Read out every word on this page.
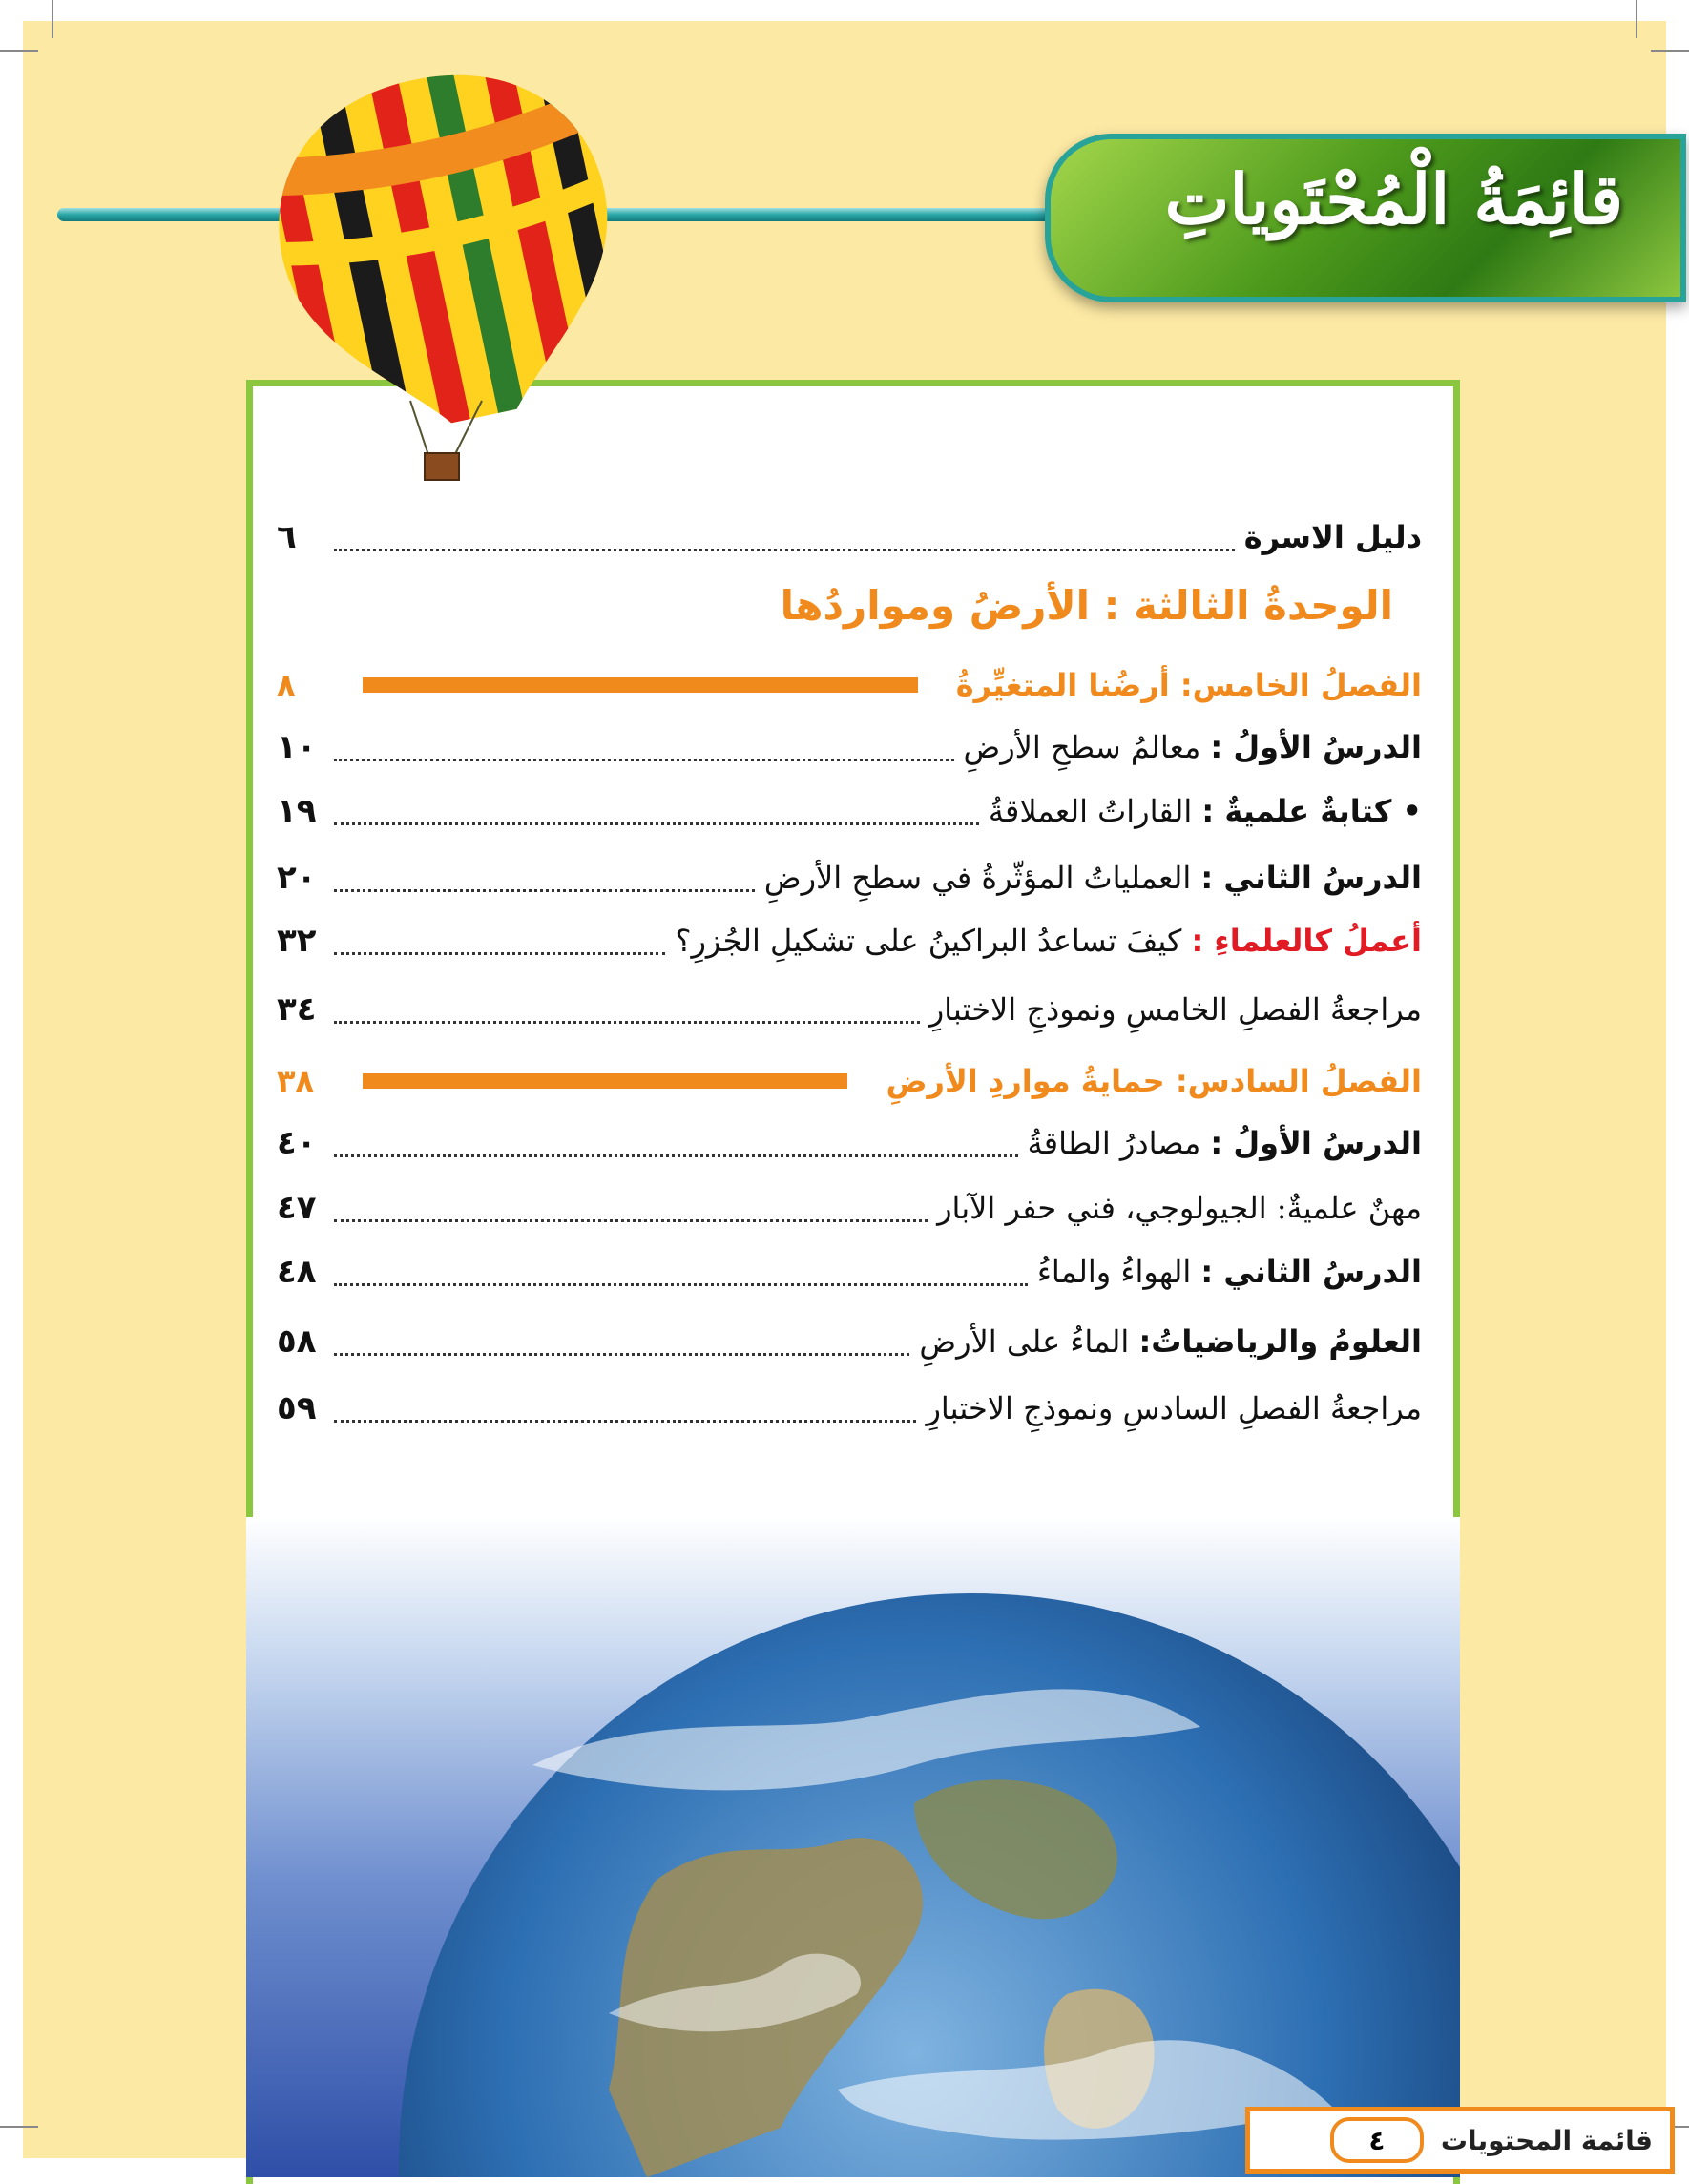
قائِمَةُ الْمُحْتَوياتِ
دليل الاسرة
٦
الوحدةُ الثالثة : الأرضُ ومواردُها
الفصلُ الخامس: أرضُنا المتغيِّرةُ
٨
الدرسُ الأولُ : معالمُ سطحِ الأرضِ
١٠
• كتابةٌ علميةٌ : القاراتُ العملاقةُ
١٩
الدرسُ الثاني : العملياتُ المؤثّرةُ في سطحِ الأرضِ
٢٠
أعملُ كالعلماءِ : كيفَ تساعدُ البراكينُ على تشكيلِ الجُزرِ؟
٣٢
مراجعةُ الفصلِ الخامسِ ونموذجِ الاختبارِ
٣٤
الفصلُ السادس: حمايةُ مواردِ الأرضِ
٣٨
الدرسُ الأولُ : مصادرُ الطاقةُ
٤٠
مهنٌ علميةٌ: الجيولوجي، فني حفر الآبار
٤٧
الدرسُ الثاني : الهواءُ والماءُ
٤٨
العلومُ والرياضياتُ: الماءُ على الأرضِ
٥٨
مراجعةُ الفصلِ السادسِ ونموذجِ الاختبارِ
٥٩
قائمة المحتويات
٤
